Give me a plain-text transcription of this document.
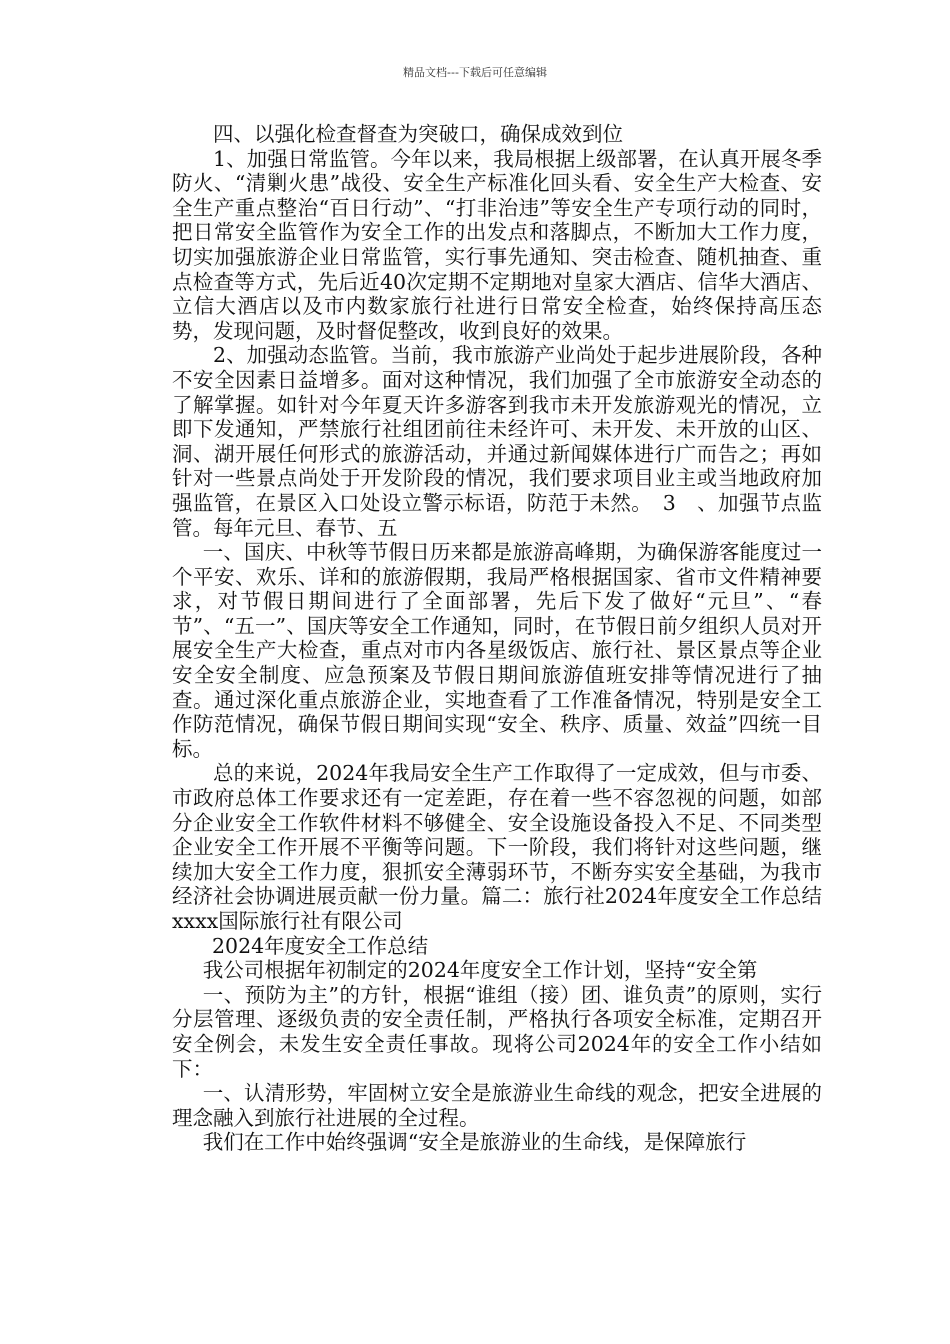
精品文档---下载后可任意编辑

四、以强化检查督查为突破口，确保成效到位

1、加强日常监管。今年以来，我局根据上级部署，在认真开展冬季防火、“清剿火患”战役、安全生产标准化回头看、安全生产大检查、安全生产重点整治“百日行动”、“打非治违”等安全生产专项行动的同时，把日常安全监管作为安全工作的出发点和落脚点，不断加大工作力度，切实加强旅游企业日常监管，实行事先通知、突击检查、随机抽查、重点检查等方式，先后近40次定期不定期地对皇家大酒店、信华大酒店、立信大酒店以及市内数家旅行社进行日常安全检查，始终保持高压态势，发现问题，及时督促整改，收到良好的效果。

2、加强动态监管。当前，我市旅游产业尚处于起步进展阶段，各种不安全因素日益增多。面对这种情况，我们加强了全市旅游安全动态的了解掌握。如针对今年夏天许多游客到我市未开发旅游观光的情况，立即下发通知，严禁旅行社组团前往未经许可、未开发、未开放的山区、洞、湖开展任何形式的旅游活动，并通过新闻媒体进行广而告之；再如针对一些景点尚处于开发阶段的情况，我们要求项目业主或当地政府加强监管，在景区入口处设立警示标语，防范于未然。　3　、加强节点监管。每年元旦、春节、五

一、国庆、中秋等节假日历来都是旅游高峰期，为确保游客能度过一个平安、欢乐、详和的旅游假期，我局严格根据国家、省市文件精神要求，对节假日期间进行了全面部署，先后下发了做好“元旦”、“春节”、“五一”、国庆等安全工作通知，同时，在节假日前夕组织人员对开展安全生产大检查，重点对市内各星级饭店、旅行社、景区景点等企业安全安全制度、应急预案及节假日期间旅游值班安排等情况进行了抽查。通过深化重点旅游企业，实地查看了工作准备情况，特别是安全工作防范情况，确保节假日期间实现“安全、秩序、质量、效益”四统一目标。

总的来说，2024年我局安全生产工作取得了一定成效，但与市委、市政府总体工作要求还有一定差距，存在着一些不容忽视的问题，如部分企业安全工作软件材料不够健全、安全设施设备投入不足、不同类型企业安全工作开展不平衡等问题。下一阶段，我们将针对这些问题，继续加大安全工作力度，狠抓安全薄弱环节，不断夯实安全基础，为我市经济社会协调进展贡献一份力量。篇二：旅行社2024年度安全工作总结　xxxx国际旅行社有限公司

2024年度安全工作总结

我公司根据年初制定的2024年度安全工作计划，坚持“安全第

一、预防为主”的方针，根据“谁组（接）团、谁负责”的原则，实行分层管理、逐级负责的安全责任制，严格执行各项安全标准，定期召开安全例会，未发生安全责任事故。现将公司2024年的安全工作小结如下：

一、认清形势，牢固树立安全是旅游业生命线的观念，把安全进展的理念融入到旅行社进展的全过程。

我们在工作中始终强调“安全是旅游业的生命线，是保障旅行
